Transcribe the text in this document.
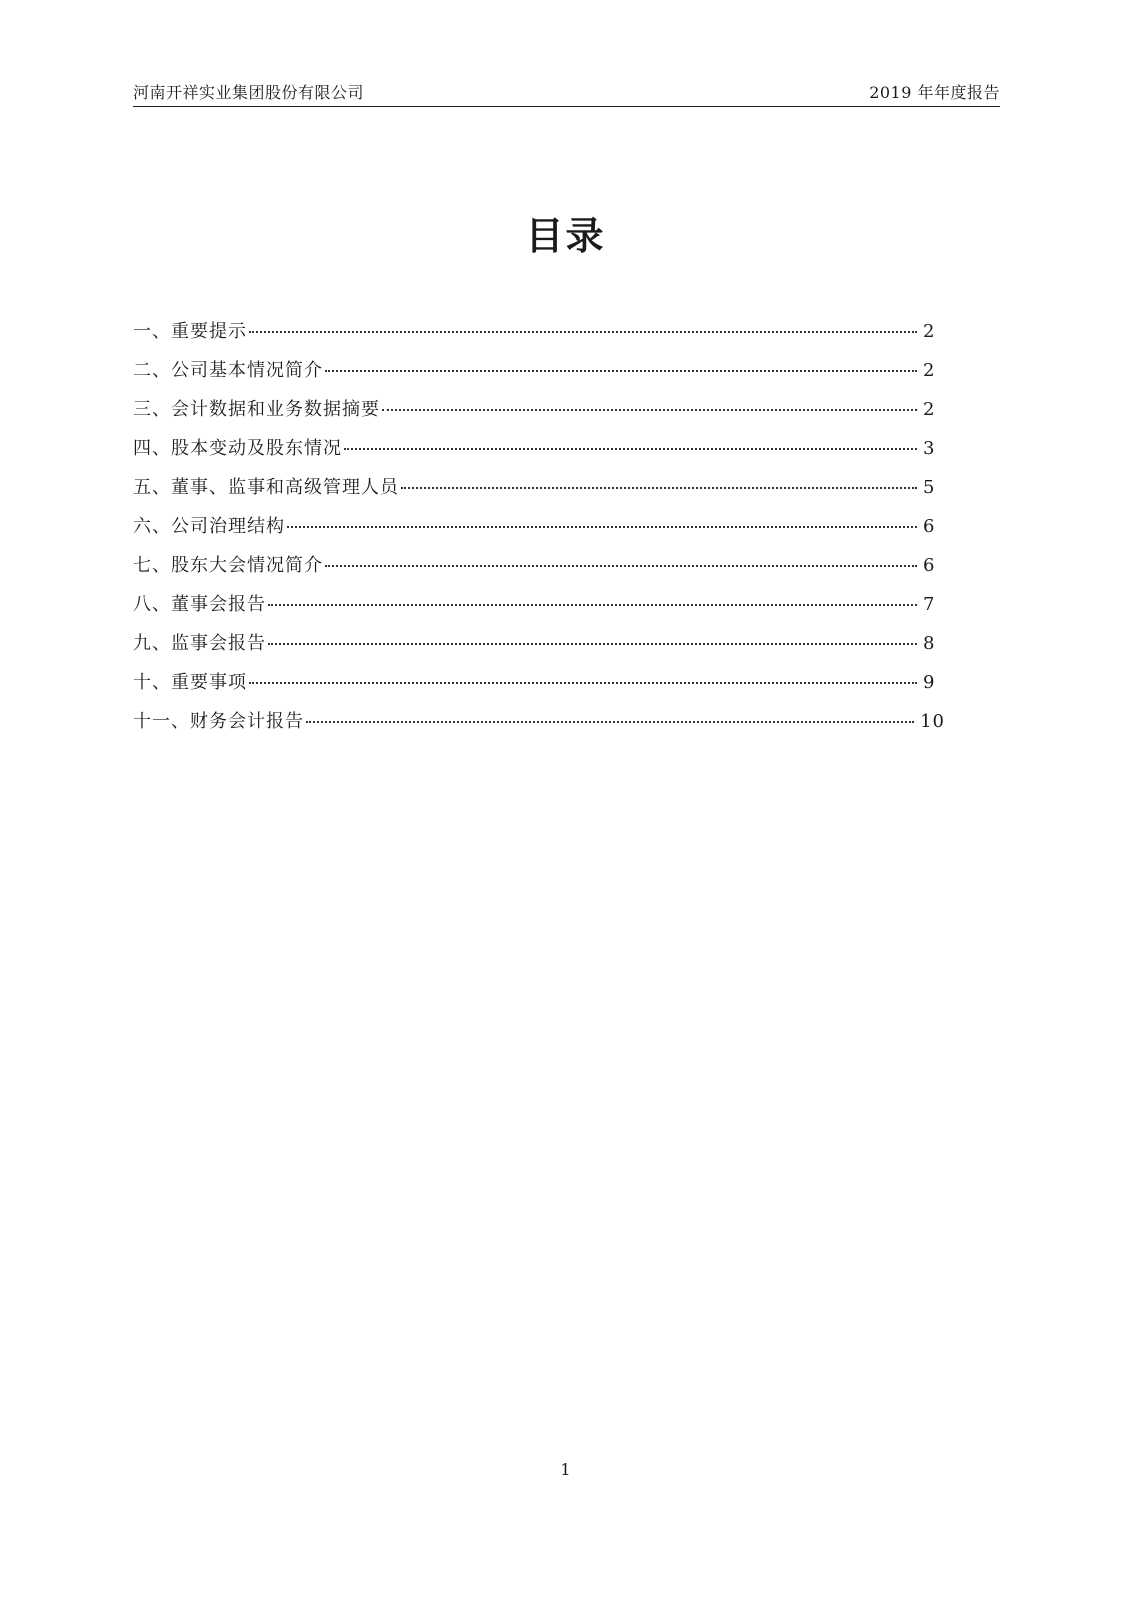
河南开祥实业集团股份有限公司	2019 年年度报告
目录
一、重要提示	2
二、公司基本情况简介	2
三、会计数据和业务数据摘要	2
四、股本变动及股东情况	3
五、董事、监事和高级管理人员	5
六、公司治理结构	6
七、股东大会情况简介	6
八、董事会报告	7
九、监事会报告	8
十、重要事项	9
十一、财务会计报告	10
1
